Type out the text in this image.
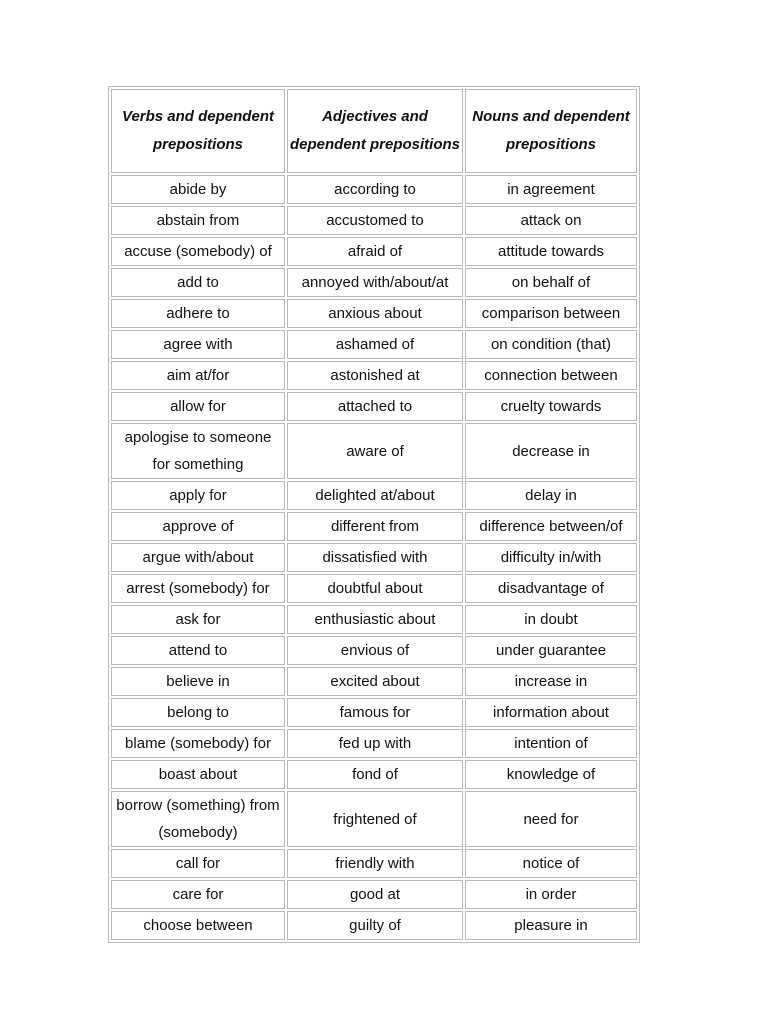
Verbs and dependent prepositions	Adjectives and dependent prepositions	Nouns and dependent prepositions
abide by	according to	in agreement
abstain from	accustomed to	attack on
accuse (somebody) of	afraid of	attitude towards
add to	annoyed with/about/at	on behalf of
adhere to	anxious about	comparison between
agree with	ashamed of	on condition (that)
aim at/for	astonished at	connection between
allow for	attached to	cruelty towards
apologise to someone for something	aware of	decrease in
apply for	delighted at/about	delay in
approve of	different from	difference between/of
argue with/about	dissatisfied with	difficulty in/with
arrest (somebody) for	doubtful about	disadvantage of
ask for	enthusiastic about	in doubt
attend to	envious of	under guarantee
believe in	excited about	increase in
belong to	famous for	information about
blame (somebody) for	fed up with	intention of
boast about	fond of	knowledge of
borrow (something) from (somebody)	frightened of	need for
call for	friendly with	notice of
care for	good at	in order
choose between	guilty of	pleasure in
